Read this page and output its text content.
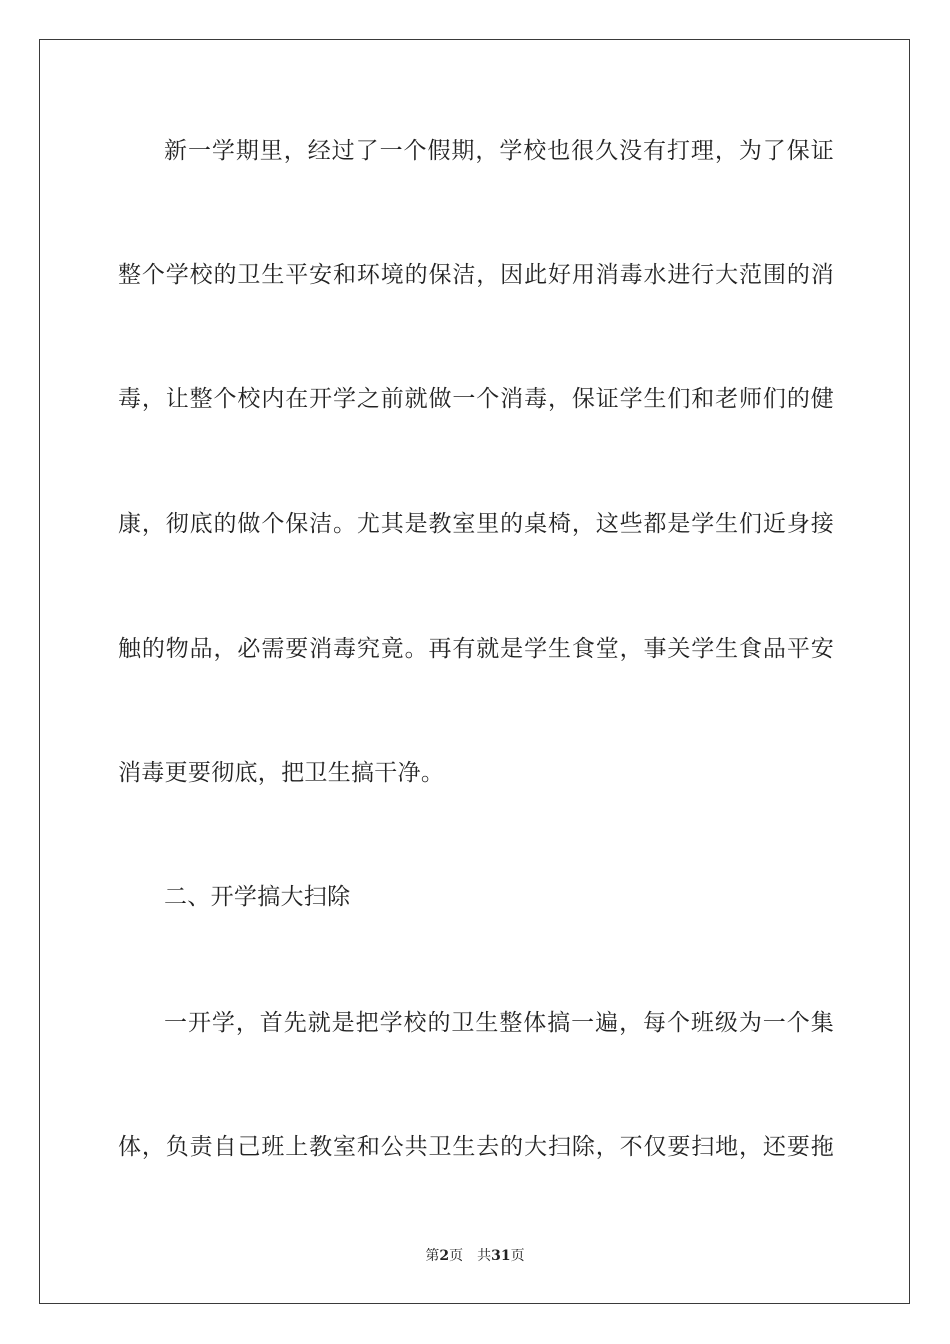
新一学期里，经过了一个假期，学校也很久没有打理，为了保证
整个学校的卫生平安和环境的保洁，因此好用消毒水进行大范围的消
毒，让整个校内在开学之前就做一个消毒，保证学生们和老师们的健
康，彻底的做个保洁。尤其是教室里的桌椅，这些都是学生们近身接
触的物品，必需要消毒究竟。再有就是学生食堂，事关学生食品平安
消毒更要彻底，把卫生搞干净。
二、开学搞大扫除
一开学，首先就是把学校的卫生整体搞一遍，每个班级为一个集
体，负责自己班上教室和公共卫生去的大扫除，不仅要扫地，还要拖
第2页 共31页
